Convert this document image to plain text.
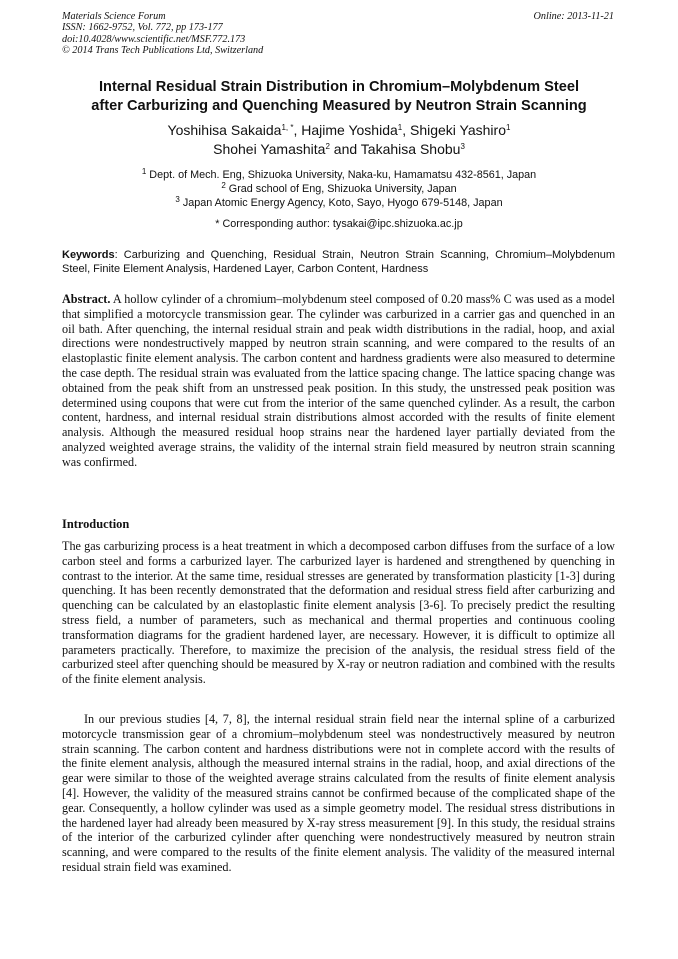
Materials Science Forum
ISSN: 1662-9752, Vol. 772, pp 173-177
doi:10.4028/www.scientific.net/MSF.772.173
© 2014 Trans Tech Publications Ltd, Switzerland
Online: 2013-11-21
Internal Residual Strain Distribution in Chromium–Molybdenum Steel
after Carburizing and Quenching Measured by Neutron Strain Scanning
Yoshihisa Sakaida$^{1, *}$, Hajime Yoshida$^1$, Shigeki Yashiro$^1$
Shohei Yamashita$^2$ and Takahisa Shobu$^3$
$^1$ Dept. of Mech. Eng, Shizuoka University, Naka-ku, Hamamatsu 432-8561, Japan
$^2$ Grad school of Eng, Shizuoka University, Japan
$^3$ Japan Atomic Energy Agency, Koto, Sayo, Hyogo 679-5148, Japan
* Corresponding author: tysakai@ipc.shizuoka.ac.jp
Keywords: Carburizing and Quenching, Residual Strain, Neutron Strain Scanning, Chromium–Molybdenum Steel, Finite Element Analysis, Hardened Layer, Carbon Content, Hardness
Abstract. A hollow cylinder of a chromium–molybdenum steel composed of 0.20 mass% C was used as a model that simplified a motorcycle transmission gear. The cylinder was carburized in a carrier gas and quenched in an oil bath. After quenching, the internal residual strain and peak width distributions in the radial, hoop, and axial directions were nondestructively mapped by neutron strain scanning, and were compared to the results of an elastoplastic finite element analysis. The carbon content and hardness gradients were also measured to determine the case depth. The residual strain was evaluated from the lattice spacing change. The lattice spacing change was obtained from the peak shift from an unstressed peak position. In this study, the unstressed peak position was determined using coupons that were cut from the interior of the same quenched cylinder. As a result, the carbon content, hardness, and internal residual strain distributions almost accorded with the results of finite element analysis. Although the measured residual hoop strains near the hardened layer partially deviated from the analyzed weighted average strains, the validity of the internal strain field measured by neutron strain scanning was confirmed.
Introduction
The gas carburizing process is a heat treatment in which a decomposed carbon diffuses from the surface of a low carbon steel and forms a carburized layer. The carburized layer is hardened and strengthened by quenching in contrast to the interior. At the same time, residual stresses are generated by transformation plasticity [1-3] during quenching. It has been recently demonstrated that the deformation and residual stress field after carburizing and quenching can be calculated by an elastoplastic finite element analysis [3-6]. To precisely predict the resulting stress field, a number of parameters, such as mechanical and thermal properties and continuous cooling transformation diagrams for the gradient hardened layer, are necessary. However, it is difficult to optimize all parameters practically. Therefore, to maximize the precision of the analysis, the residual stress field of the carburized steel after quenching should be measured by X-ray or neutron radiation and combined with the results of the finite element analysis.
In our previous studies [4, 7, 8], the internal residual strain field near the internal spline of a carburized motorcycle transmission gear of a chromium–molybdenum steel was nondestructively measured by neutron strain scanning. The carbon content and hardness distributions were not in complete accord with the results of the finite element analysis, although the measured internal strains in the radial, hoop, and axial directions of the gear were similar to those of the weighted average strains calculated from the results of finite element analysis [4]. However, the validity of the measured strains cannot be confirmed because of the complicated shape of the gear. Consequently, a hollow cylinder was used as a simple geometry model. The residual stress distributions in the hardened layer had already been measured by X-ray stress measurement [9]. In this study, the residual strains of the interior of the carburized cylinder after quenching were nondestructively measured by neutron strain scanning, and were compared to the results of the finite element analysis. The validity of the measured internal residual strain field was examined.
